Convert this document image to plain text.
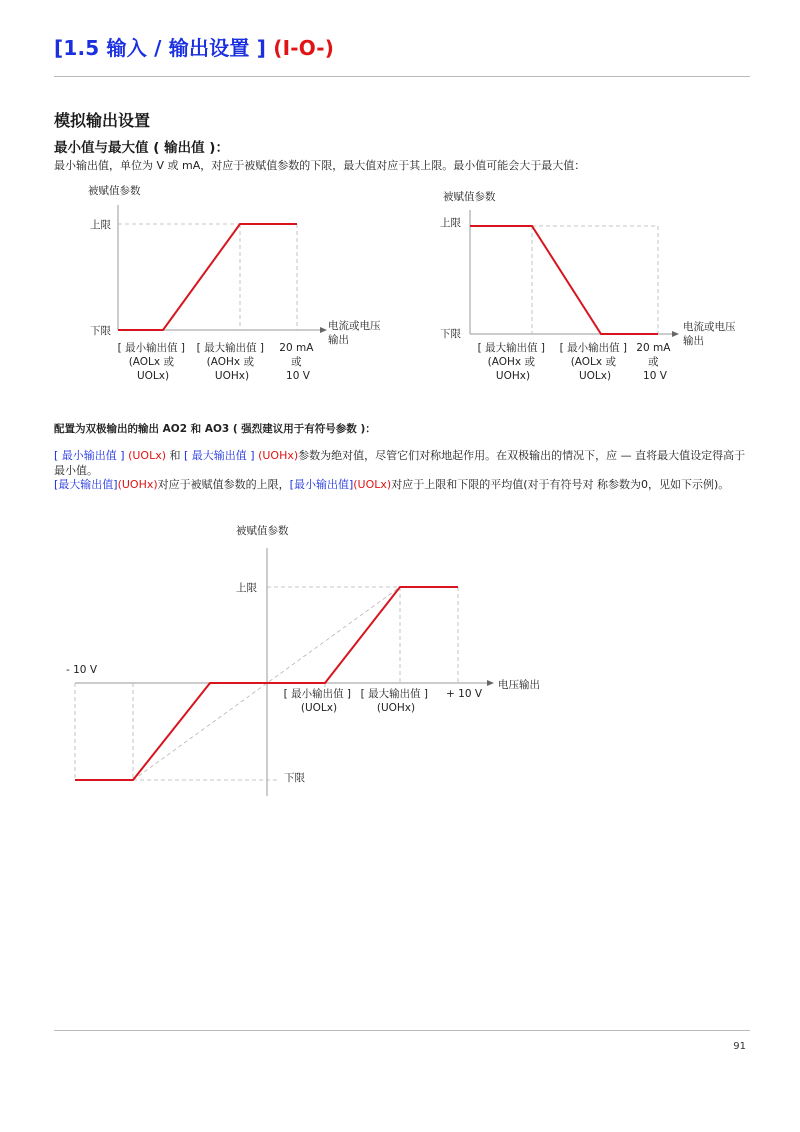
[1.5 输入 / 输出设置 ] (I-O-)
模拟输出设置
最小值与最大值 ( 输出值 )：
最小输出值，单位为 V 或 mA，对应于被赋值参数的下限，最大值对应于其上限。最小值可能会大于最大值：
被赋值参数
上限
下限	电流或电压 输出
[ 最小输出值 ] (AOLx 或 UOLx)
[ 最大输出值 ] (AOHx 或 UOHx)
20 mA 或 10 V
被赋值参数
上限
下限
电流或电压 输出
[ 最大输出值 ] (AOHx 或 UOHx)
[ 最小输出值 ] (AOLx 或 UOLx)
20 mA 或 10 V
被赋值参数
上限
下限
电压输出
- 10 V
+ 10 V
[ 最小输出值 ] (UOLx)
[ 最大输出值 ] (UOHx)
配置为双极输出的输出 AO2 和 AO3 ( 强烈建议用于有符号参数 )：
[ 最小输出值 ] (UOLx) 和 [ 最大输出值 ] (UOHx)参数为绝对值，尽管它们对称地起作用。在双极输出的情况下，应 — 直将最大值设定得高于最小值。
[最大输出值](UOHx)对应于被赋值参数的上限，[最小输出值](UOLx)对应于上限和下限的平均值(对于有符号对 称参数为0，见如下示例)。
91
